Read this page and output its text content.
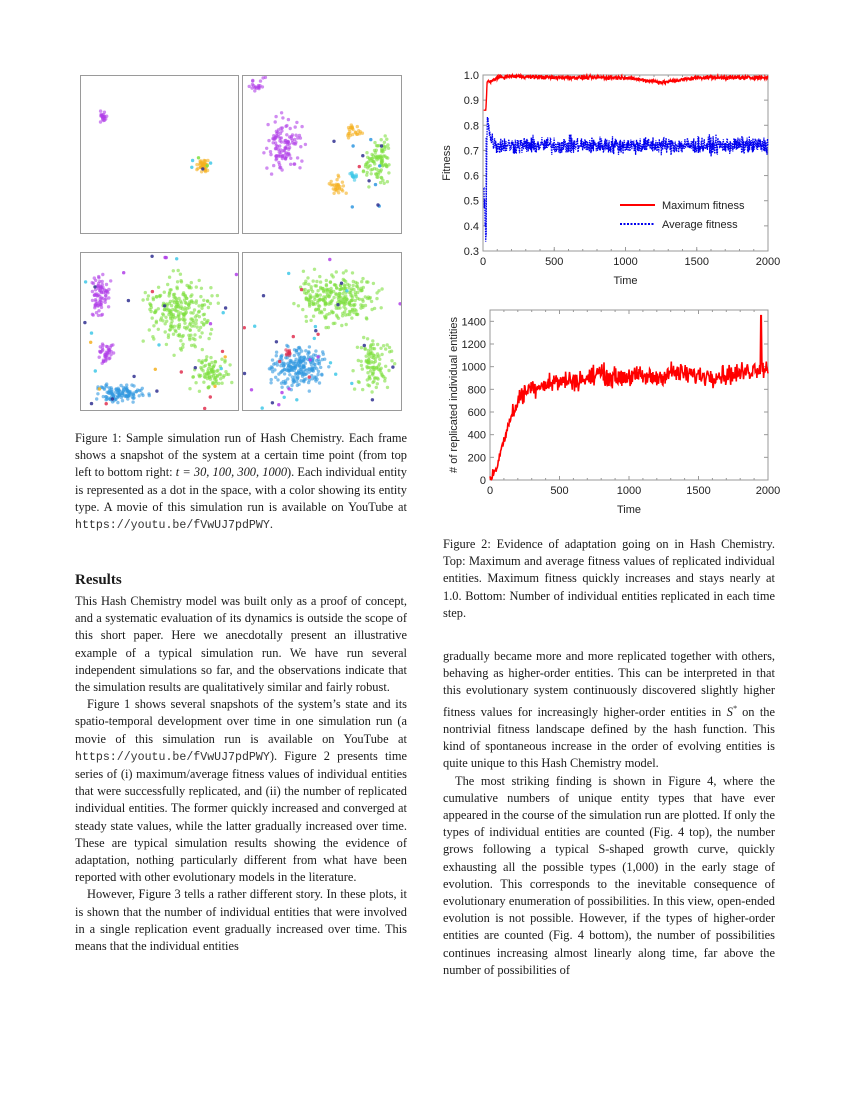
Figure 1: Sample simulation run of Hash Chemistry. Each frame shows a snapshot of the system at a certain time point (from top left to bottom right: t = 30, 100, 300, 1000). Each individual entity is represented as a dot in the space, with a color showing its entity type. A movie of this simulation run is available on YouTube at https://youtu.be/fVwUJ7pdPWY.

Results

This Hash Chemistry model was built only as a proof of concept, and a systematic evaluation of its dynamics is outside the scope of this short paper. Here we anecdotally present an illustrative example of a typical simulation run. We have run several independent simulations so far, and the observations indicate that the simulation results are qualitatively similar and fairly robust.

Figure 1 shows several snapshots of the system’s state and its spatio-temporal development over time in one simulation run (a movie of this simulation run is available on YouTube at https://youtu.be/fVwUJ7pdPWY). Figure 2 presents time series of (i) maximum/average fitness values of individual entities that were successfully replicated, and (ii) the number of replicated individual entities. The former quickly increased and converged at steady state values, while the latter gradually increased over time. These are typical simulation results showing the evidence of adaptation, nothing particularly different from what have been reported with other evolutionary models in the literature.

However, Figure 3 tells a rather different story. In these plots, it is shown that the number of individual entities that were involved in a single replication event gradually increased over time. This means that the individual entities

0	500	1000	1500	2000
0.3
0.4
0.5
0.6
0.7
0.8
0.9
1.0
Time
Fitness
Maximum fitness
Average fitness
0	500	1000	1500	2000
0
200
400
600
800
1000
1200
1400
Time
# of replicated individual entities

Figure 2: Evidence of adaptation going on in Hash Chemistry. Top: Maximum and average fitness values of replicated individual entities. Maximum fitness quickly increases and stays nearly at 1.0. Bottom: Number of individual entities replicated in each time step.

gradually became more and more replicated together with others, behaving as higher-order entities. This can be interpreted in that this evolutionary system continuously discovered slightly higher fitness values for increasingly higher-order entities in S* on the nontrivial fitness landscape defined by the hash function. This kind of spontaneous increase in the order of evolving entities is quite unique to this Hash Chemistry model.

The most striking finding is shown in Figure 4, where the cumulative numbers of unique entity types that have ever appeared in the course of the simulation run are plotted. If only the types of individual entities are counted (Fig. 4 top), the number grows following a typical S-shaped growth curve, quickly exhausting all the possible types (1,000) in the early stage of evolution. This corresponds to the inevitable consequence of evolutionary enumeration of possibilities. In this view, open-ended evolution is not possible. However, if the types of higher-order entities are counted (Fig. 4 bottom), the number of possibilities continues increasing almost linearly along time, far above the number of possibilities of
